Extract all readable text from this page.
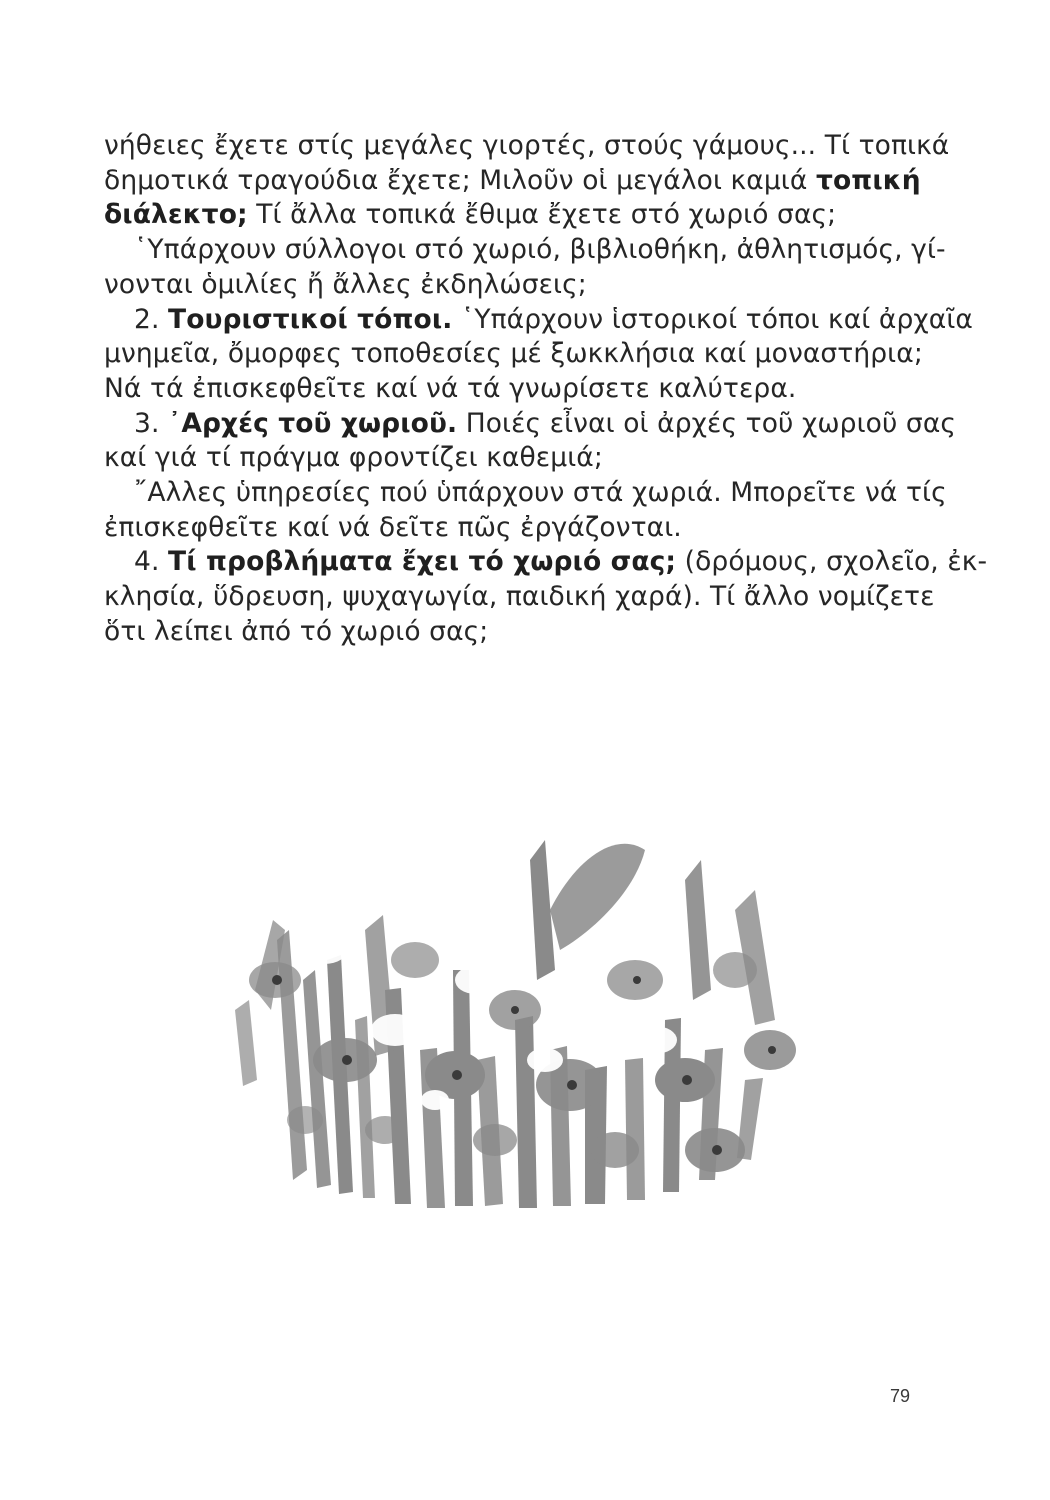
νήθειες ἔχετε στίς μεγάλες γιορτές, στούς γάμους... Τί τοπικά
δημοτικά τραγούδια ἔχετε; Μιλοῦν οἱ μεγάλοι καμιά τοπική
διάλεκτο; Τί ἄλλα τοπικά ἔθιμα ἔχετε στό χωριό σας;
῾Υπάρχουν σύλλογοι στό χωριό, βιβλιοθήκη, ἀθλητισμός, γί-
νονται ὁμιλίες ἤ ἄλλες ἐκδηλώσεις;
2. Τουριστικοί τόποι. ῾Υπάρχουν ἱστορικοί τόποι καί ἀρχαῖα
μνημεῖα, ὄμορφες τοποθεσίες μέ ξωκκλήσια καί μοναστήρια;
Νά τά ἐπισκεφθεῖτε καί νά τά γνωρίσετε καλύτερα.
3. ᾿Αρχές τοῦ χωριοῦ. Ποιές εἶναι οἱ ἀρχές τοῦ χωριοῦ σας
καί γιά τί πράγμα φροντίζει καθεμιά;
῎Αλλες ὑπηρεσίες πού ὑπάρχουν στά χωριά. Μπορεῖτε νά τίς
ἐπισκεφθεῖτε καί νά δεῖτε πῶς ἐργάζονται.
4. Τί προβλήματα ἔχει τό χωριό σας; (δρόμους, σχολεῖο, ἐκ-
κλησία, ὕδρευση, ψυχαγωγία, παιδική χαρά). Τί ἄλλο νομίζετε
ὅτι λείπει ἀπό τό χωριό σας;
79
